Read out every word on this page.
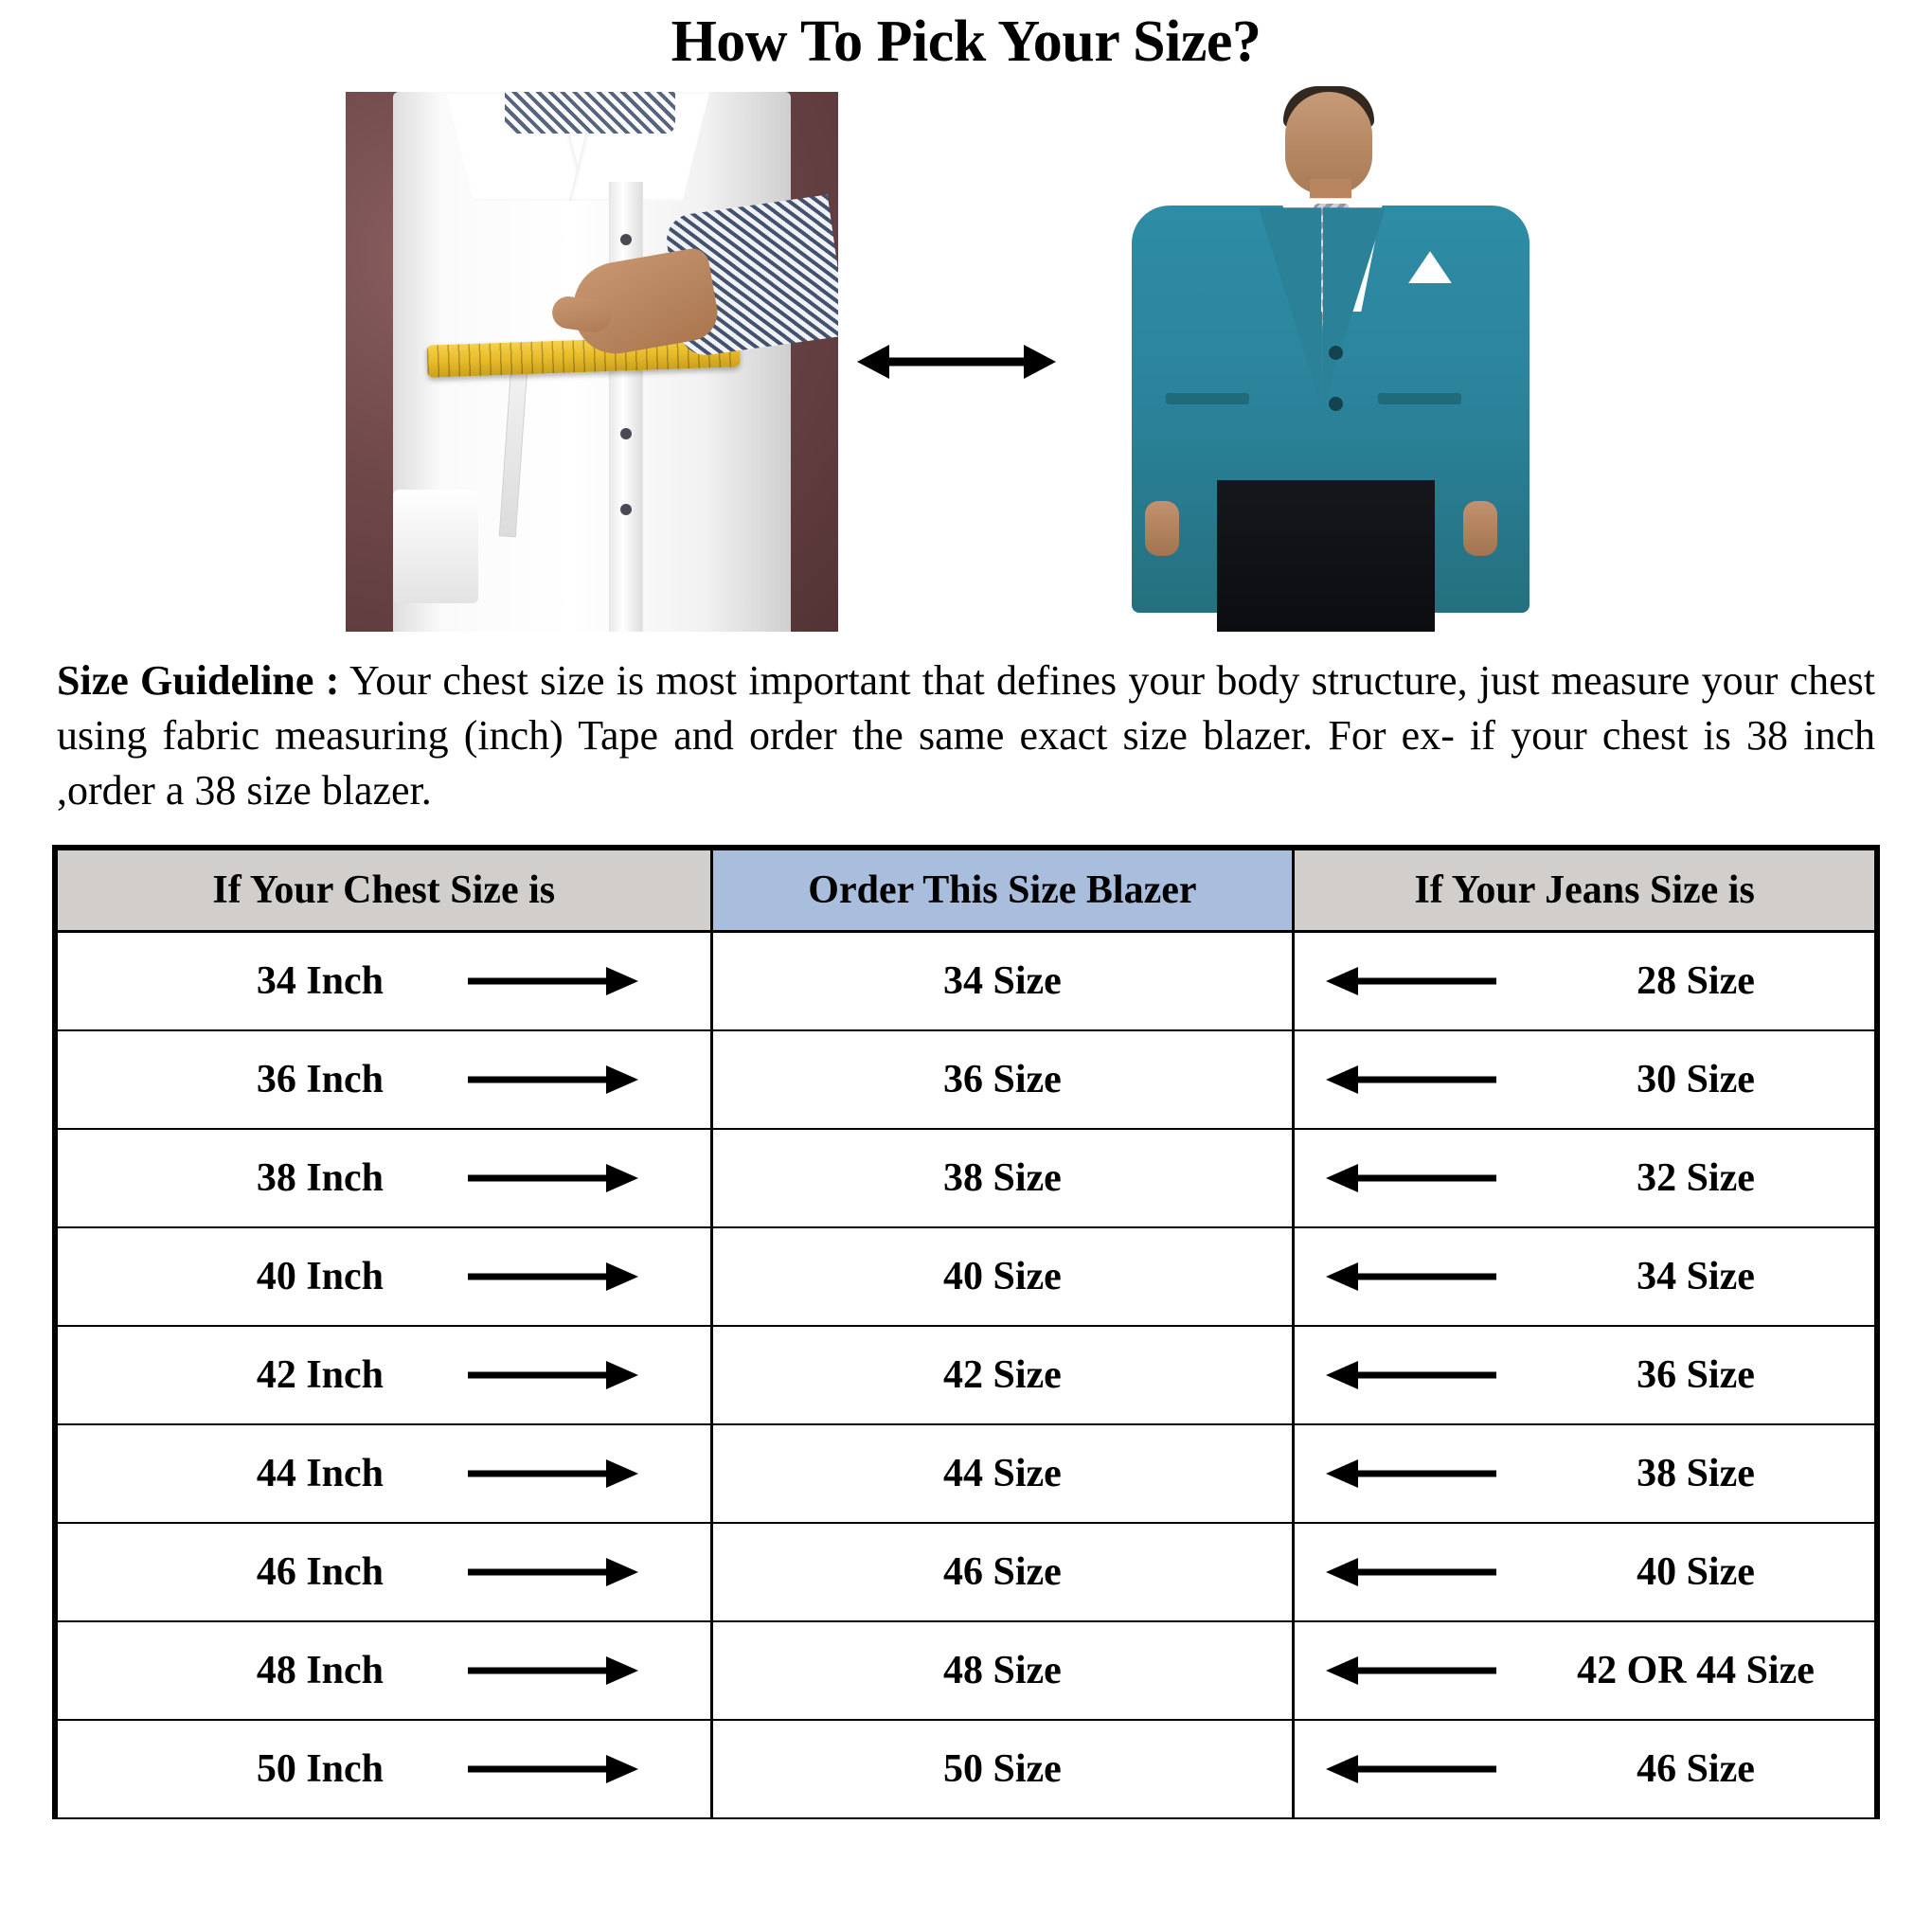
How To Pick Your Size?

Size Guideline : Your chest size is most important that defines your body structure, just measure your chest using fabric measuring (inch) Tape and order the same exact size blazer. For ex- if your chest is 38 inch ,order a 38 size blazer.

If Your Chest Size is	Order This Size Blazer	If Your Jeans Size is

34 Inch	34 Size	28 Size

36 Inch	36 Size	30 Size

38 Inch	38 Size	32 Size

40 Inch	40 Size	34 Size

42 Inch	42 Size	36 Size

44 Inch	44 Size	38 Size

46 Inch	46 Size	40 Size

48 Inch	48 Size	42 OR 44 Size

50 Inch	50 Size	46 Size
